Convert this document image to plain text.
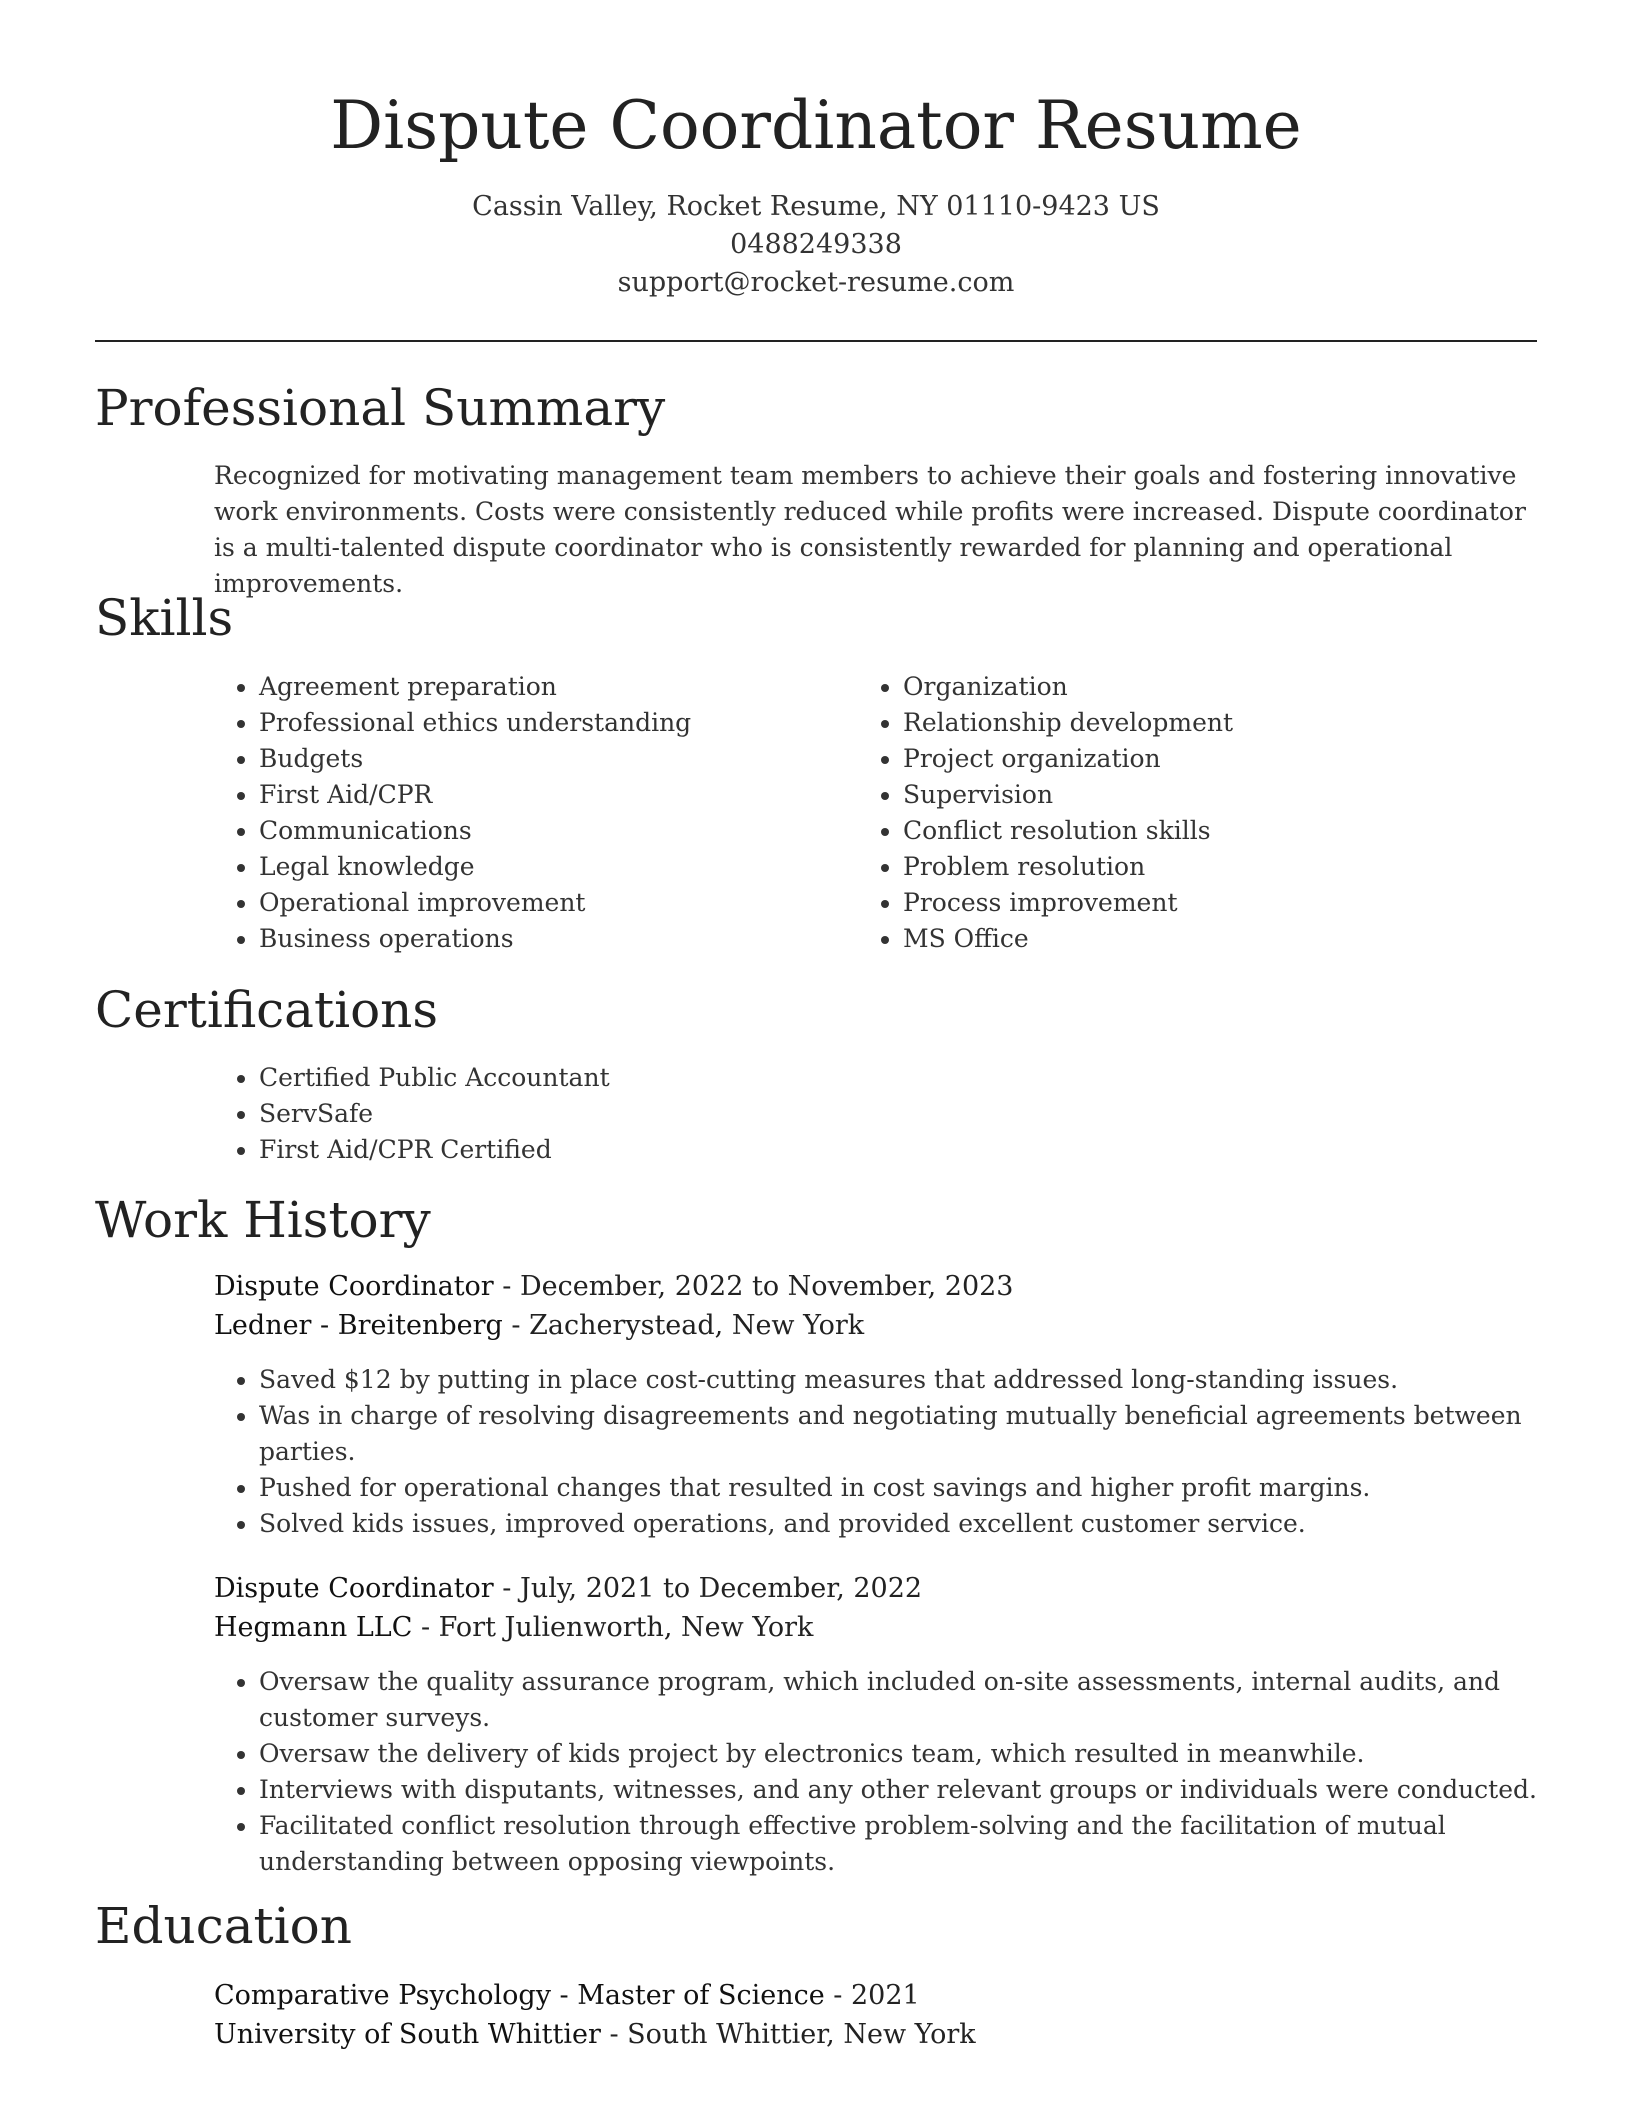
Dispute Coordinator Resume
Cassin Valley, Rocket Resume, NY 01110-9423 US
0488249338
support@rocket-resume.com
Professional Summary
Recognized for motivating management team members to achieve their goals and fostering innovative work environments. Costs were consistently reduced while profits were increased. Dispute coordinator is a multi-talented dispute coordinator who is consistently rewarded for planning and operational improvements.
Skills
• Agreement preparation
• Professional ethics understanding
• Budgets
• First Aid/CPR
• Communications
• Legal knowledge
• Operational improvement
• Business operations
• Organization
• Relationship development
• Project organization
• Supervision
• Conflict resolution skills
• Problem resolution
• Process improvement
• MS Office
Certifications
• Certified Public Accountant
• ServSafe
• First Aid/CPR Certified
Work History
Dispute Coordinator - December, 2022 to November, 2023
Ledner - Breitenberg - Zacherystead, New York
• Saved $12 by putting in place cost-cutting measures that addressed long-standing issues.
• Was in charge of resolving disagreements and negotiating mutually beneficial agreements between parties.
• Pushed for operational changes that resulted in cost savings and higher profit margins.
• Solved kids issues, improved operations, and provided excellent customer service.
Dispute Coordinator - July, 2021 to December, 2022
Hegmann LLC - Fort Julienworth, New York
• Oversaw the quality assurance program, which included on-site assessments, internal audits, and customer surveys.
• Oversaw the delivery of kids project by electronics team, which resulted in meanwhile.
• Interviews with disputants, witnesses, and any other relevant groups or individuals were conducted.
• Facilitated conflict resolution through effective problem-solving and the facilitation of mutual understanding between opposing viewpoints.
Education
Comparative Psychology - Master of Science - 2021
University of South Whittier - South Whittier, New York
